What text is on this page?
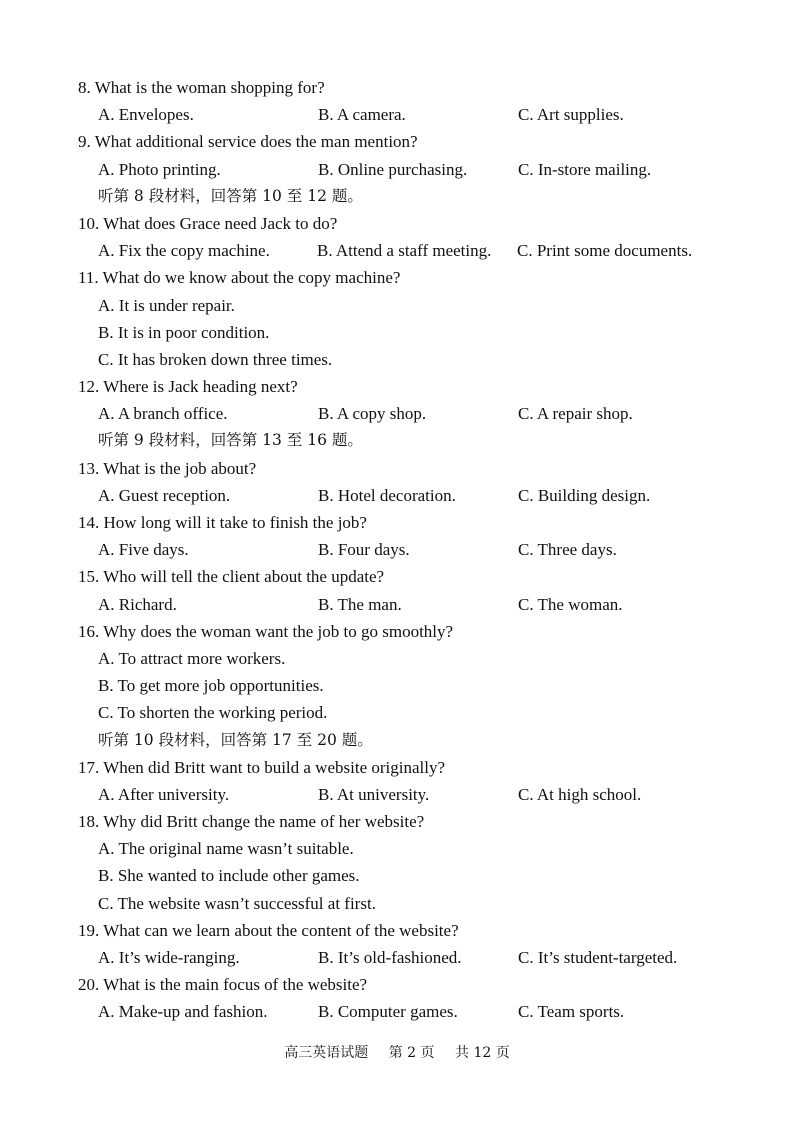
8. What is the woman shopping for?
A. Envelopes.	B. A camera.	C. Art supplies.
9. What additional service does the man mention?
A. Photo printing.	B. Online purchasing.	C. In-store mailing.
听第 8 段材料，回答第 10 至 12 题。
10. What does Grace need Jack to do?
A. Fix the copy machine.	B. Attend a staff meeting. C. Print some documents.
11. What do we know about the copy machine?
A. It is under repair.
B. It is in poor condition.
C. It has broken down three times.
12. Where is Jack heading next?
A. A branch office.	B. A copy shop.	C. A repair shop.
听第 9 段材料，回答第 13 至 16 题。
13. What is the job about?
A. Guest reception.	B. Hotel decoration.	C. Building design.
14. How long will it take to finish the job?
A. Five days.	B. Four days.	C. Three days.
15. Who will tell the client about the update?
A. Richard.	B. The man.	C. The woman.
16. Why does the woman want the job to go smoothly?
A. To attract more workers.
B. To get more job opportunities.
C. To shorten the working period.
听第 10 段材料，回答第 17 至 20 题。
17. When did Britt want to build a website originally?
A. After university.	B. At university.	C. At high school.
18. Why did Britt change the name of her website?
A. The original name wasn’t suitable.
B. She wanted to include other games.
C. The website wasn’t successful at first.
19. What can we learn about the content of the website?
A. It’s wide-ranging.	B. It’s old-fashioned.	C. It’s student-targeted.
20. What is the main focus of the website?
A. Make-up and fashion.	B. Computer games.	C. Team sports.
高三英语试题 第 2 页 共 12 页
